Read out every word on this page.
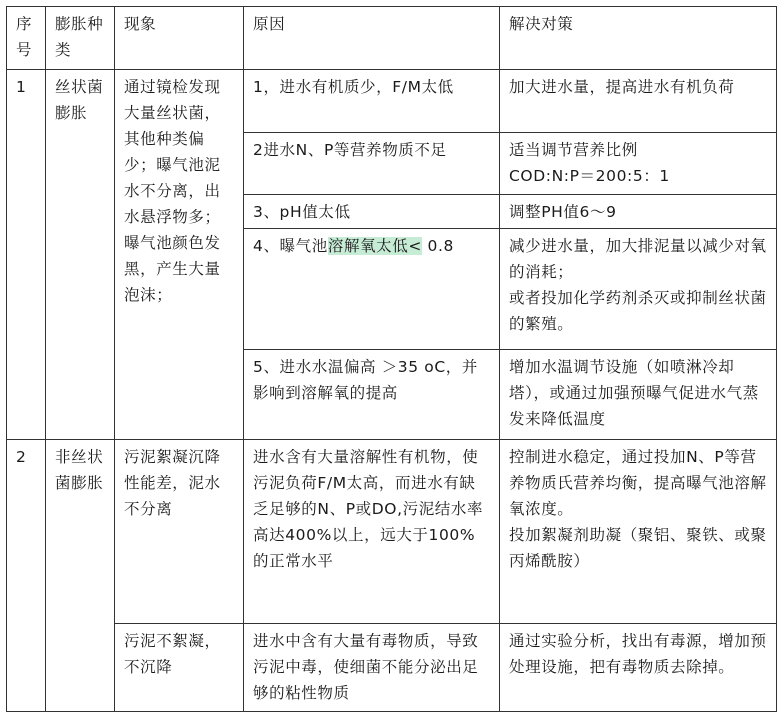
序号	膨胀种类	现象	原因	解决对策
1	丝状菌膨胀	通过镜检发现大量丝状菌，其他种类偏少；曝气池泥水不分离，出水悬浮物多；曝气池颜色发黑，产生大量泡沫；	1，进水有机质少，F/M太低	加大进水量，提高进水有机负荷
			2进水N、P等营养物质不足	适当调节营养比例
COD:N:P＝200:5：1

			3、pH值太低	调整PH值6～9
			4、曝气池溶解氧太低< 0.8	减少进水量，加大排泥量以减少对氧的消耗；
或者投加化学药剂杀灭或抑制丝状菌的繁殖。

			5、进水水温偏高 ＞35 oC，并影响到溶解氧的提高	增加水温调节设施（如喷淋冷却塔），或通过加强预曝气促进水气蒸发来降低温度
2	非丝状菌膨胀	污泥絮凝沉降性能差，泥水不分离	进水含有大量溶解性有机物，使污泥负荷F/M太高，而进水有缺乏足够的N、P或DO,污泥结水率高达400%以上，远大于100%的正常水平	控制进水稳定，通过投加N、P等营养物质氏营养均衡，提高曝气池溶解氧浓度。
投加絮凝剂助凝（聚铝、聚铁、或聚丙烯酰胺）

		污泥不絮凝，不沉降	进水中含有大量有毒物质，导致污泥中毒，使细菌不能分泌出足够的粘性物质	通过实验分析，找出有毒源，增加预处理设施，把有毒物质去除掉。
